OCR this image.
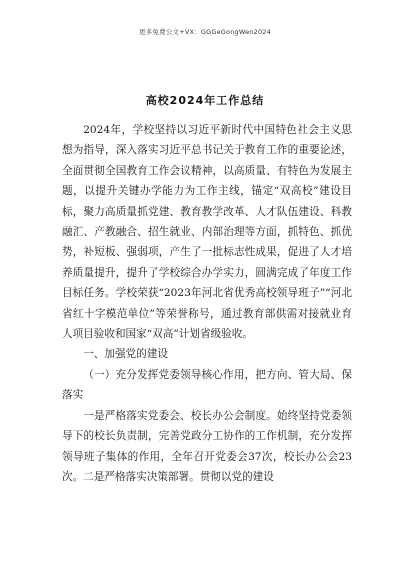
更多免费公文+VX：GGGeGongWen2024
高校2024年工作总结

2024年，学校坚持以习近平新时代中国特色社会主义思想为指导，深入落实习近平总书记关于教育工作的重要论述，全面贯彻全国教育工作会议精神，以高质量、有特色为发展主题，以提升关键办学能力为工作主线，锚定“双高校”建设目标，聚力高质量抓党建、教育教学改革、人才队伍建设、科教融汇、产教融合、招生就业、内部治理等方面，抓特色、抓优势，补短板、强弱项，产生了一批标志性成果，促进了人才培养质量提升，提升了学校综合办学实力，圆满完成了年度工作目标任务。学校荣获“2023年河北省优秀高校领导班子”“河北省红十字模范单位”等荣誉称号，通过教育部供需对接就业育人项目验收和国家“双高”计划省级验收。

一、加强党的建设

（一）充分发挥党委领导核心作用，把方向、管大局、保落实

一是严格落实党委会、校长办公会制度。始终坚持党委领导下的校长负责制，完善党政分工协作的工作机制，充分发挥领导班子集体的作用，全年召开党委会37次，校长办公会23次。二是严格落实决策部署。贯彻以党的建设
